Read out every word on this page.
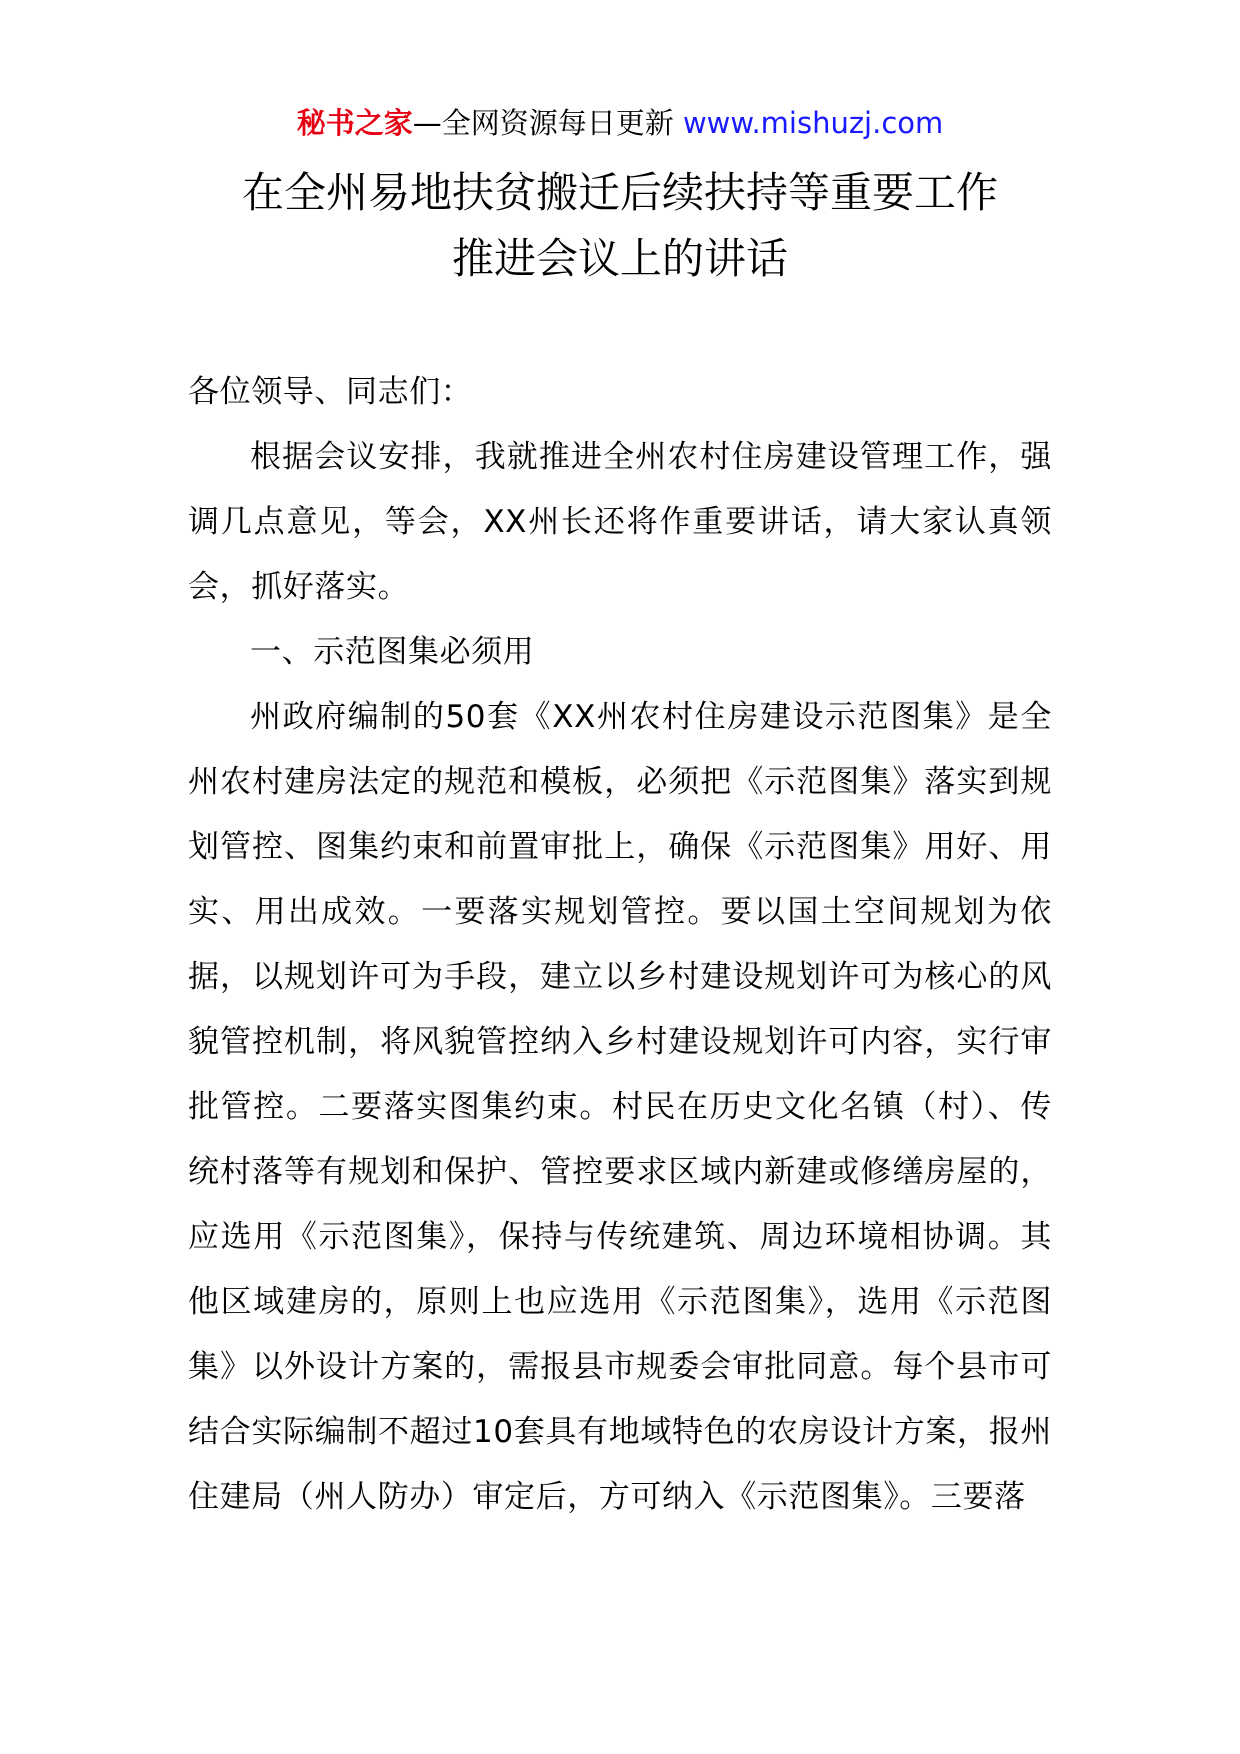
秘书之家—全网资源每日更新 www.mishuzj.com
在全州易地扶贫搬迁后续扶持等重要工作
推进会议上的讲话

各位领导、同志们：

根据会议安排，我就推进全州农村住房建设管理工作，强调几点意见，等会，XX州长还将作重要讲话，请大家认真领会，抓好落实。

一、示范图集必须用

州政府编制的50套《XX州农村住房建设示范图集》是全州农村建房法定的规范和模板，必须把《示范图集》落实到规划管控、图集约束和前置审批上，确保《示范图集》用好、用实、用出成效。一要落实规划管控。要以国土空间规划为依据，以规划许可为手段，建立以乡村建设规划许可为核心的风貌管控机制，将风貌管控纳入乡村建设规划许可内容，实行审批管控。二要落实图集约束。村民在历史文化名镇（村）、传统村落等有规划和保护、管控要求区域内新建或修缮房屋的，应选用《示范图集》，保持与传统建筑、周边环境相协调。其他区域建房的，原则上也应选用《示范图集》，选用《示范图集》以外设计方案的，需报县市规委会审批同意。每个县市可结合实际编制不超过10套具有地域特色的农房设计方案，报州住建局（州人防办）审定后，方可纳入《示范图集》。三要落
